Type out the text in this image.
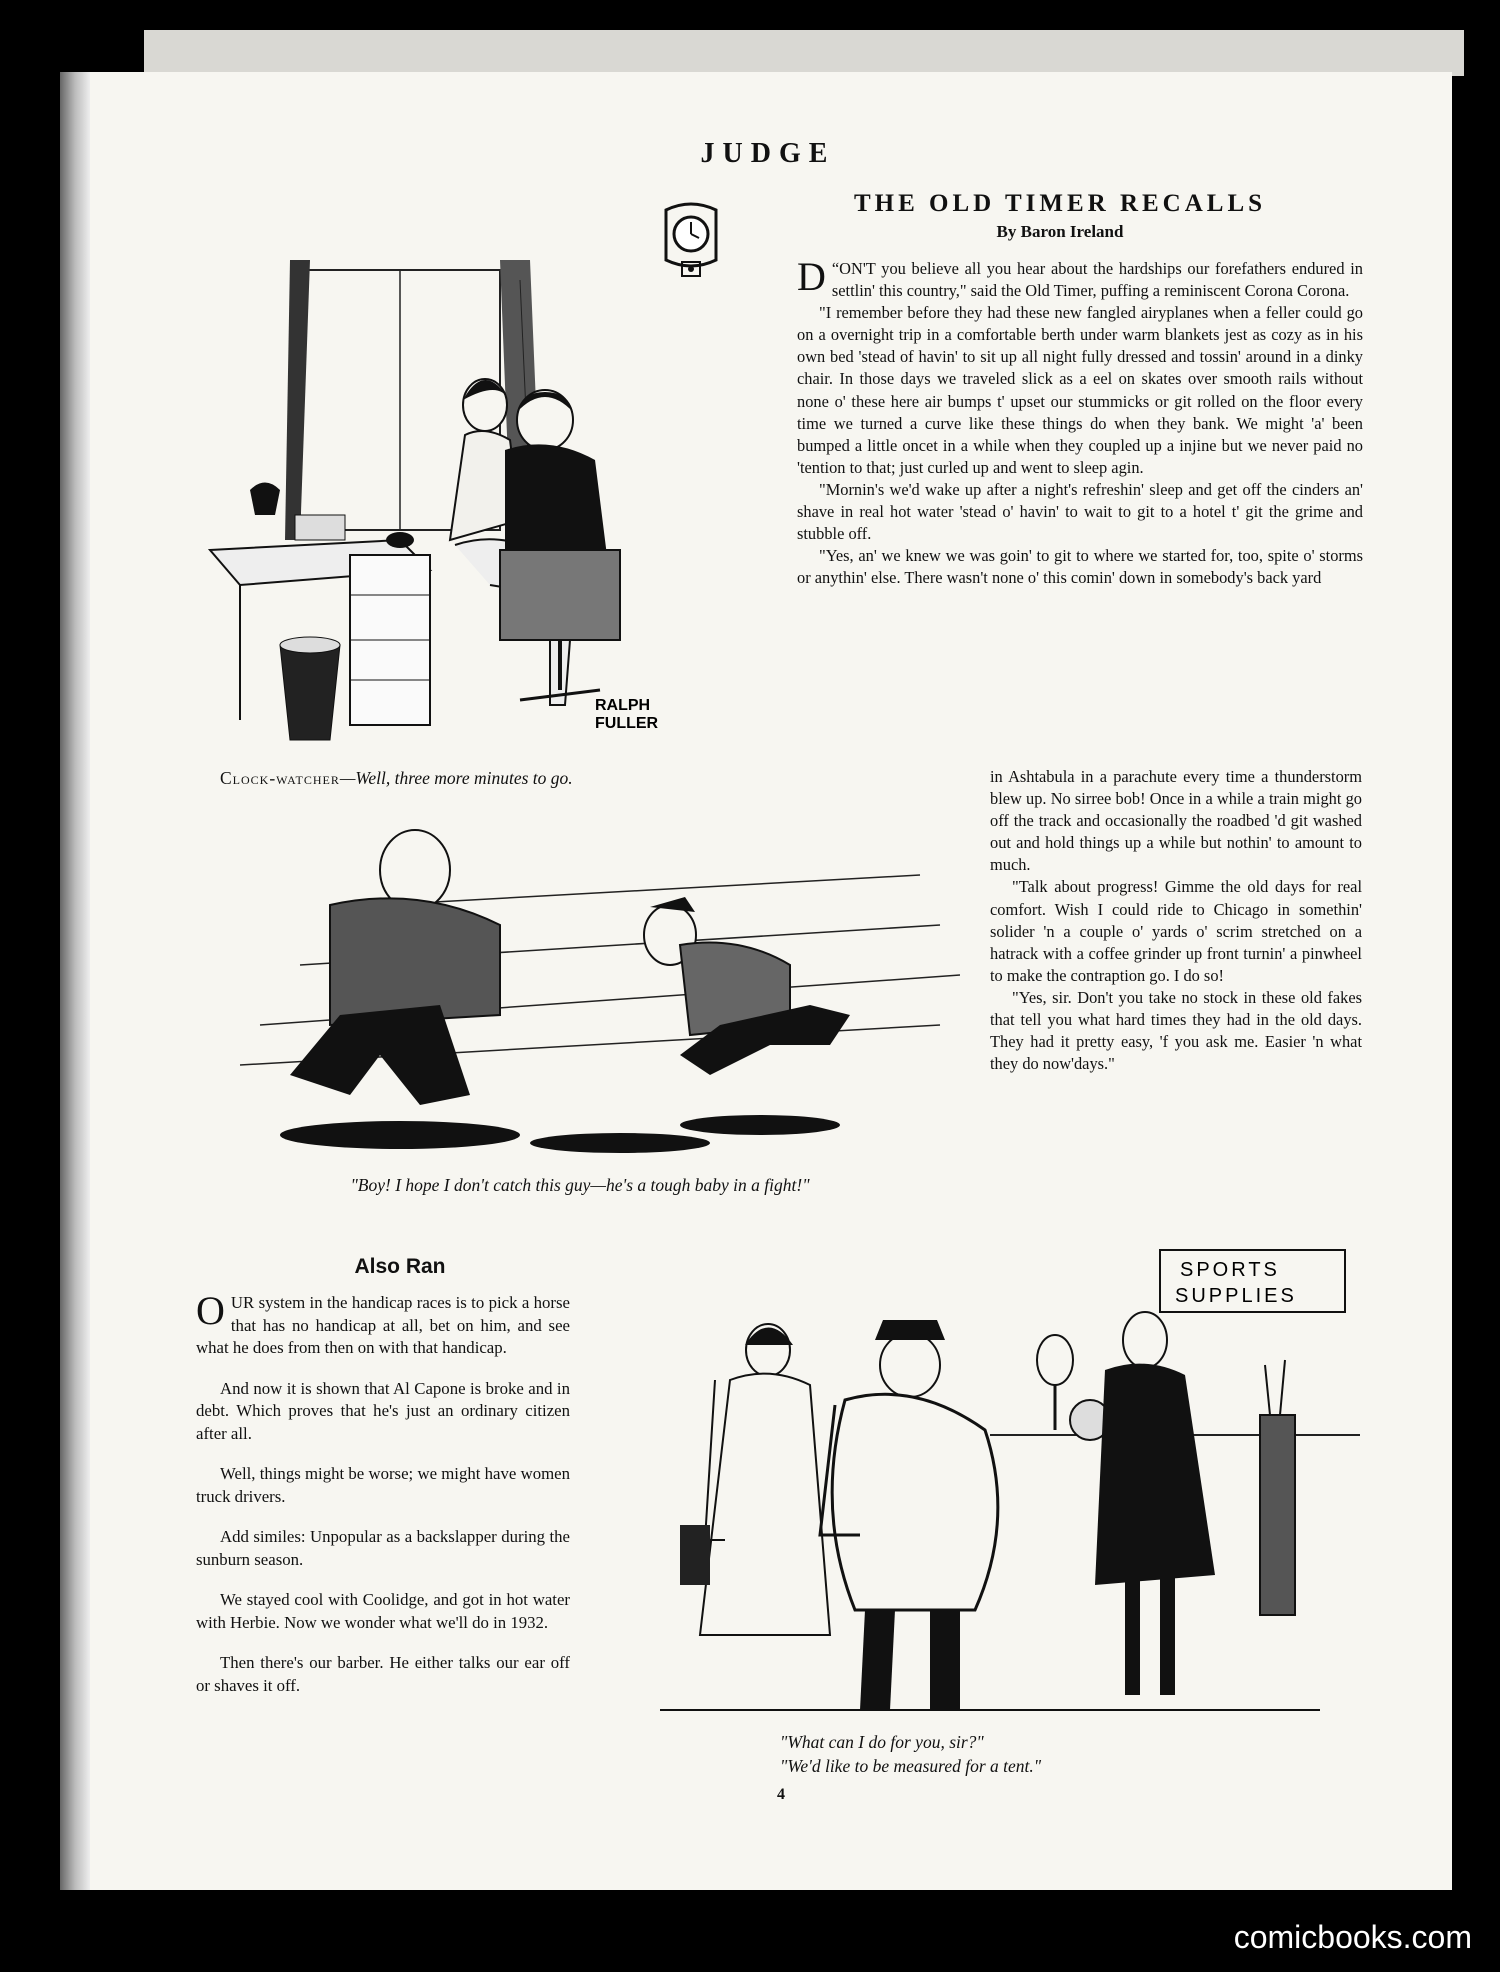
JUDGE
THE OLD TIMER RECALLS
By Baron Ireland

“
D ON'T you believe all you hear about the hardships our forefathers endured in settlin' this country," said the Old Timer, puffing a reminiscent Corona Corona.

"I remember before they had these new fangled airyplanes when a feller could go on a overnight trip in a comfortable berth under warm blankets jest as cozy as in his own bed 'stead of havin' to sit up all night fully dressed and tossin' around in a dinky chair. In those days we traveled slick as a eel on skates over smooth rails without none o' these here air bumps t' upset our stummicks or git rolled on the floor every time we turned a curve like these things do when they bank. We might 'a' been bumped a little oncet in a while when they coupled up a injine but we never paid no 'tention to that; just curled up and went to sleep agin.

"Mornin's we'd wake up after a night's refreshin' sleep and get off the cinders an' shave in real hot water 'stead o' havin' to wait to git to a hotel t' git the grime and stubble off.

"Yes, an' we knew we was goin' to git to where we started for, too, spite o' storms or anythin' else. There wasn't none o' this comin' down in somebody's back yard

in Ashtabula in a parachute every time a thunderstorm blew up. No sirree bob! Once in a while a train might go off the track and occasionally the roadbed 'd git washed out and hold things up a while but nothin' to amount to much.

"Talk about progress! Gimme the old days for real comfort. Wish I could ride to Chicago in somethin' solider 'n a couple o' yards o' scrim stretched on a hatrack with a coffee grinder up front turnin' a pinwheel to make the contraption go. I do so!

"Yes, sir. Don't you take no stock in these old fakes that tell you what hard times they had in the old days. They had it pretty easy, 'f you ask me. Easier 'n what they do now'days."

RALPH
FULLER
Clock-watcher—Well, three more minutes to go.
"Boy! I hope I don't catch this guy—he's a tough baby in a fight!"
Also Ran

OUR system in the handicap races is to pick a horse that has no handicap at all, bet on him, and see what he does from then on with that handicap.

And now it is shown that Al Capone is broke and in debt. Which proves that he's just an ordinary citizen after all.

Well, things might be worse; we might have women truck drivers.

Add similes: Unpopular as a backslapper during the sunburn season.

We stayed cool with Coolidge, and got in hot water with Herbie. Now we wonder what we'll do in 1932.

Then there's our barber. He either talks our ear off or shaves it off.

SPORTS
SUPPLIES
"What can I do for you, sir?"
"We'd like to be measured for a tent."
4
comicbooks.com
